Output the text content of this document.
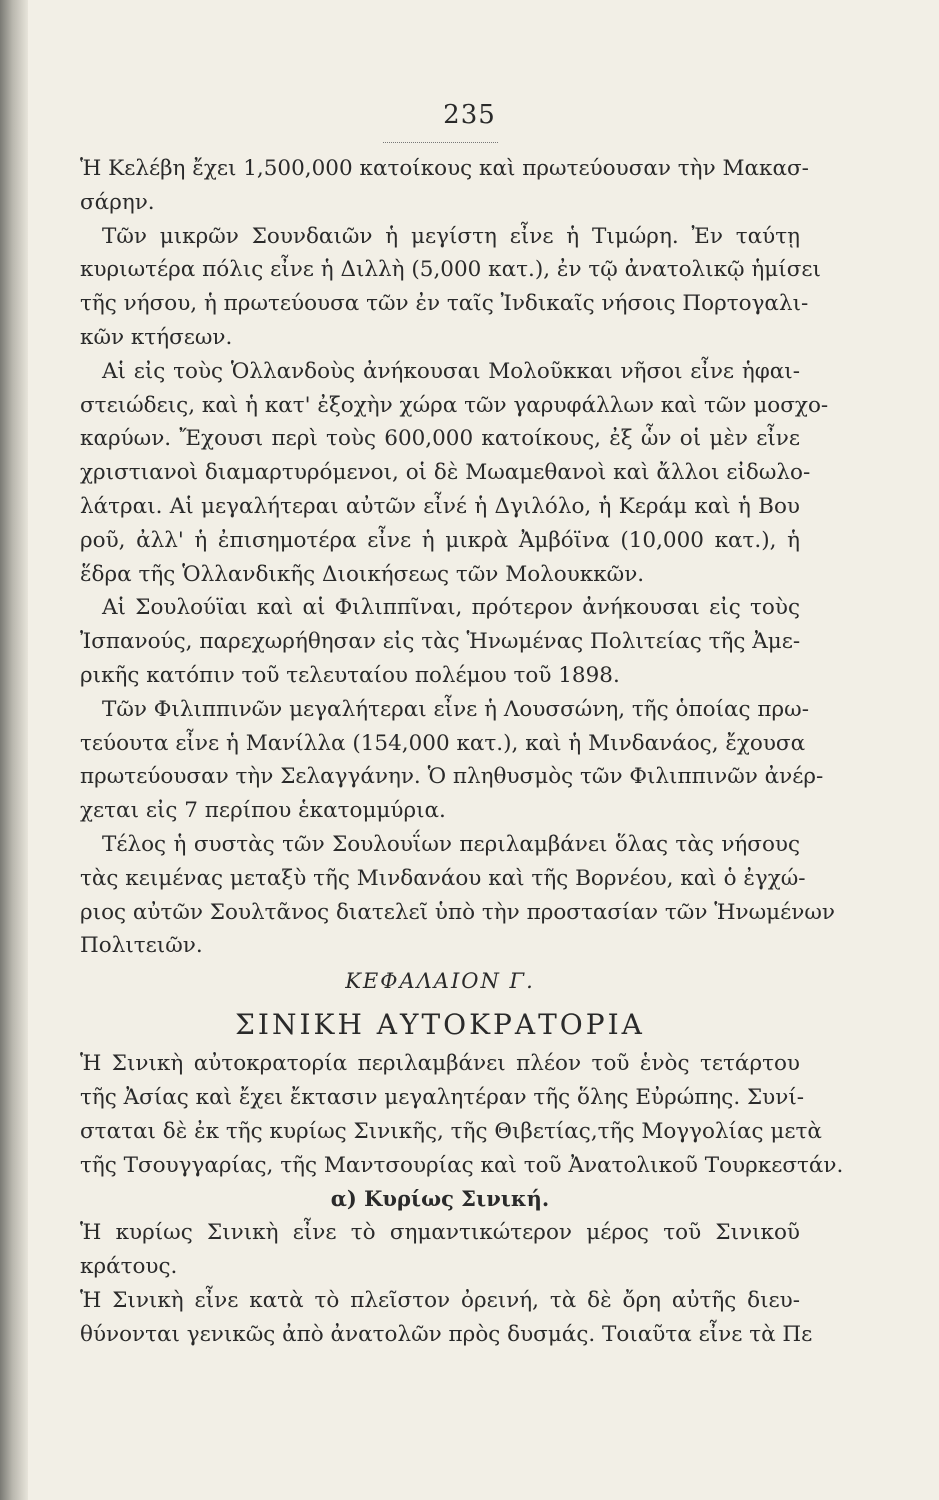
235
Ἡ Κελέβη ἔχει 1,500,000 κατοίκους καὶ πρωτεύουσαν τὴν Μακασ-
σάρην.
Τῶν μικρῶν Σουνδαιῶν ἡ μεγίστη εἶνε ἡ Τιμώρη. Ἐν ταύτῃ
κυριωτέρα πόλις εἶνε ἡ Διλλὴ (5,000 κατ.), ἐν τῷ ἀνατολικῷ ἡμίσει
τῆς νήσου, ἡ πρωτεύουσα τῶν ἐν ταῖς Ἰνδικαῖς νήσοις Πορτογαλι-
κῶν κτήσεων.
Αἱ εἰς τοὺς Ὁλλανδοὺς ἀνήκουσαι Μολοῦκκαι νῆσοι εἶνε ἡφαι-
στειώδεις, καὶ ἡ κατ' ἐξοχὴν χώρα τῶν γαρυφάλλων καὶ τῶν μοσχο-
καρύων. Ἔχουσι περὶ τοὺς 600,000 κατοίκους, ἐξ ὧν οἱ μὲν εἶνε
χριστιανοὶ διαμαρτυρόμενοι, οἱ δὲ Μωαμεθανοὶ καὶ ἄλλοι εἰδωλο-
λάτραι. Αἱ μεγαλήτεραι αὐτῶν εἶνέ ἡ Δγιλόλο, ἡ Κεράμ καὶ ἡ Βου
ροῦ, ἀλλ' ἡ ἐπισημοτέρα εἶνε ἡ μικρὰ Ἀμβόϊνα (10,000 κατ.), ἡ
ἕδρα τῆς Ὁλλανδικῆς Διοικήσεως τῶν Μολουκκῶν.
Αἱ Σουλούϊαι καὶ αἱ Φιλιππῖναι, πρότερον ἀνήκουσαι εἰς τοὺς
Ἰσπανούς, παρεχωρήθησαν εἰς τὰς Ἡνωμένας Πολιτείας τῆς Ἀμε-
ρικῆς κατόπιν τοῦ τελευταίου πολέμου τοῦ 1898.
Τῶν Φιλιππινῶν μεγαλήτεραι εἶνε ἡ Λουσσώνη, τῆς ὁποίας πρω-
τεύουτα εἶνε ἡ Μανίλλα (154,000 κατ.), καὶ ἡ Μινδανάος, ἔχουσα
πρωτεύουσαν τὴν Σελαγγάνην. Ὁ πληθυσμὸς τῶν Φιλιππινῶν ἀνέρ-
χεται εἰς 7 περίπου ἑκατομμύρια.
Τέλος ἡ συστὰς τῶν Σουλουΐων περιλαμβάνει ὅλας τὰς νήσους
τὰς κειμένας μεταξὺ τῆς Μινδανάου καὶ τῆς Βορνέου, καὶ ὁ ἐγχώ-
ριος αὐτῶν Σουλτᾶνος διατελεῖ ὑπὸ τὴν προστασίαν τῶν Ἡνωμένων
Πολιτειῶν.
ΚΕΦΑΛΑΙΟΝ Γ.
ΣΙΝΙΚΗ ΑΥΤΟΚΡΑΤΟΡΙΑ
Ἡ Σινικὴ αὐτοκρατορία περιλαμβάνει πλέον τοῦ ἑνὸς τετάρτου
τῆς Ἀσίας καὶ ἔχει ἔκτασιν μεγαλητέραν τῆς ὅλης Εὐρώπης. Συνί-
σταται δὲ ἐκ τῆς κυρίως Σινικῆς, τῆς Θιβετίας,τῆς Μογγολίας μετὰ
τῆς Τσουγγαρίας, τῆς Μαντσουρίας καὶ τοῦ Ἀνατολικοῦ Τουρκεστάν.
α) Κυρίως Σινική.
Ἡ κυρίως Σινικὴ εἶνε τὸ σημαντικώτερον μέρος τοῦ Σινικοῦ
κράτους.
Ἡ Σινικὴ εἶνε κατὰ τὸ πλεῖστον ὀρεινή, τὰ δὲ ὄρη αὐτῆς διευ-
θύνονται γενικῶς ἀπὸ ἀνατολῶν πρὸς δυσμάς. Τοιαῦτα εἶνε τὰ Πε
